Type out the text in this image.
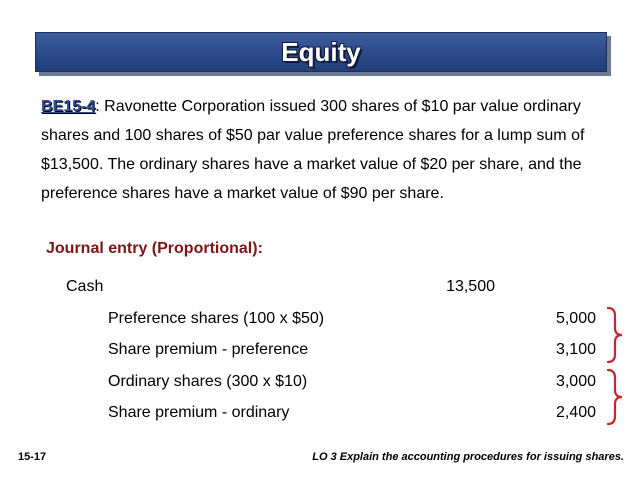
Equity
BE15-4: Ravonette Corporation issued 300 shares of $10 par value ordinary shares and 100 shares of $50 par value preference shares for a lump sum of $13,500. The ordinary shares have a market value of $20 per share, and the preference shares have a market value of $90 per share.
Journal entry (Proportional):
Cash	13,500
Preference shares (100 x $50)	5,000
Share premium - preference	3,100
Ordinary shares (300 x $10)	3,000
Share premium - ordinary	2,400
15-17	LO 3 Explain the accounting procedures for issuing shares.
